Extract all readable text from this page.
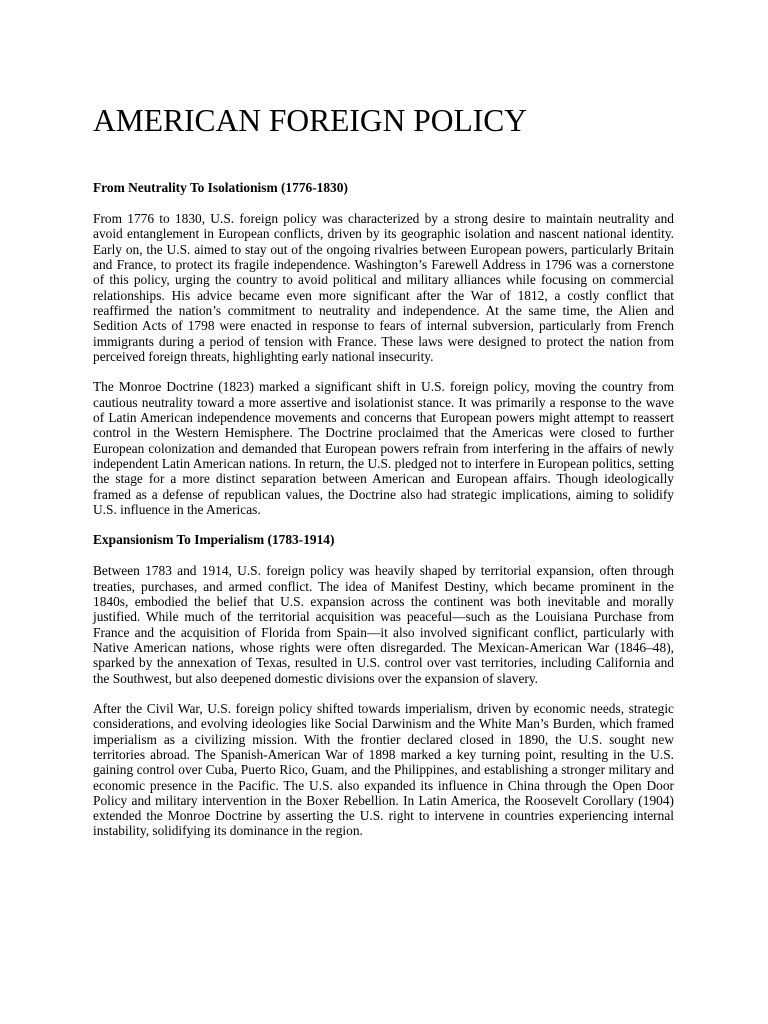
AMERICAN FOREIGN POLICY
From Neutrality To Isolationism (1776-1830)

From 1776 to 1830, U.S. foreign policy was characterized by a strong desire to maintain neutrality and avoid entanglement in European conflicts, driven by its geographic isolation and nascent national identity. Early on, the U.S. aimed to stay out of the ongoing rivalries between European powers, particularly Britain and France, to protect its fragile independence. Washington’s Farewell Address in 1796 was a cornerstone of this policy, urging the country to avoid political and military alliances while focusing on commercial relationships. His advice became even more significant after the War of 1812, a costly conflict that reaffirmed the nation’s commitment to neutrality and independence. At the same time, the Alien and Sedition Acts of 1798 were enacted in response to fears of internal subversion, particularly from French immigrants during a period of tension with France. These laws were designed to protect the nation from perceived foreign threats, highlighting early national insecurity.

The Monroe Doctrine (1823) marked a significant shift in U.S. foreign policy, moving the country from cautious neutrality toward a more assertive and isolationist stance. It was primarily a response to the wave of Latin American independence movements and concerns that European powers might attempt to reassert control in the Western Hemisphere. The Doctrine proclaimed that the Americas were closed to further European colonization and demanded that European powers refrain from interfering in the affairs of newly independent Latin American nations. In return, the U.S. pledged not to interfere in European politics, setting the stage for a more distinct separation between American and European affairs. Though ideologically framed as a defense of republican values, the Doctrine also had strategic implications, aiming to solidify U.S. influence in the Americas.

Expansionism To Imperialism (1783-1914)

Between 1783 and 1914, U.S. foreign policy was heavily shaped by territorial expansion, often through treaties, purchases, and armed conflict. The idea of Manifest Destiny, which became prominent in the 1840s, embodied the belief that U.S. expansion across the continent was both inevitable and morally justified. While much of the territorial acquisition was peaceful—such as the Louisiana Purchase from France and the acquisition of Florida from Spain—it also involved significant conflict, particularly with Native American nations, whose rights were often disregarded. The Mexican-American War (1846–48), sparked by the annexation of Texas, resulted in U.S. control over vast territories, including California and the Southwest, but also deepened domestic divisions over the expansion of slavery.

After the Civil War, U.S. foreign policy shifted towards imperialism, driven by economic needs, strategic considerations, and evolving ideologies like Social Darwinism and the White Man’s Burden, which framed imperialism as a civilizing mission. With the frontier declared closed in 1890, the U.S. sought new territories abroad. The Spanish-American War of 1898 marked a key turning point, resulting in the U.S. gaining control over Cuba, Puerto Rico, Guam, and the Philippines, and establishing a stronger military and economic presence in the Pacific. The U.S. also expanded its influence in China through the Open Door Policy and military intervention in the Boxer Rebellion. In Latin America, the Roosevelt Corollary (1904) extended the Monroe Doctrine by asserting the U.S. right to intervene in countries experiencing internal instability, solidifying its dominance in the region.
